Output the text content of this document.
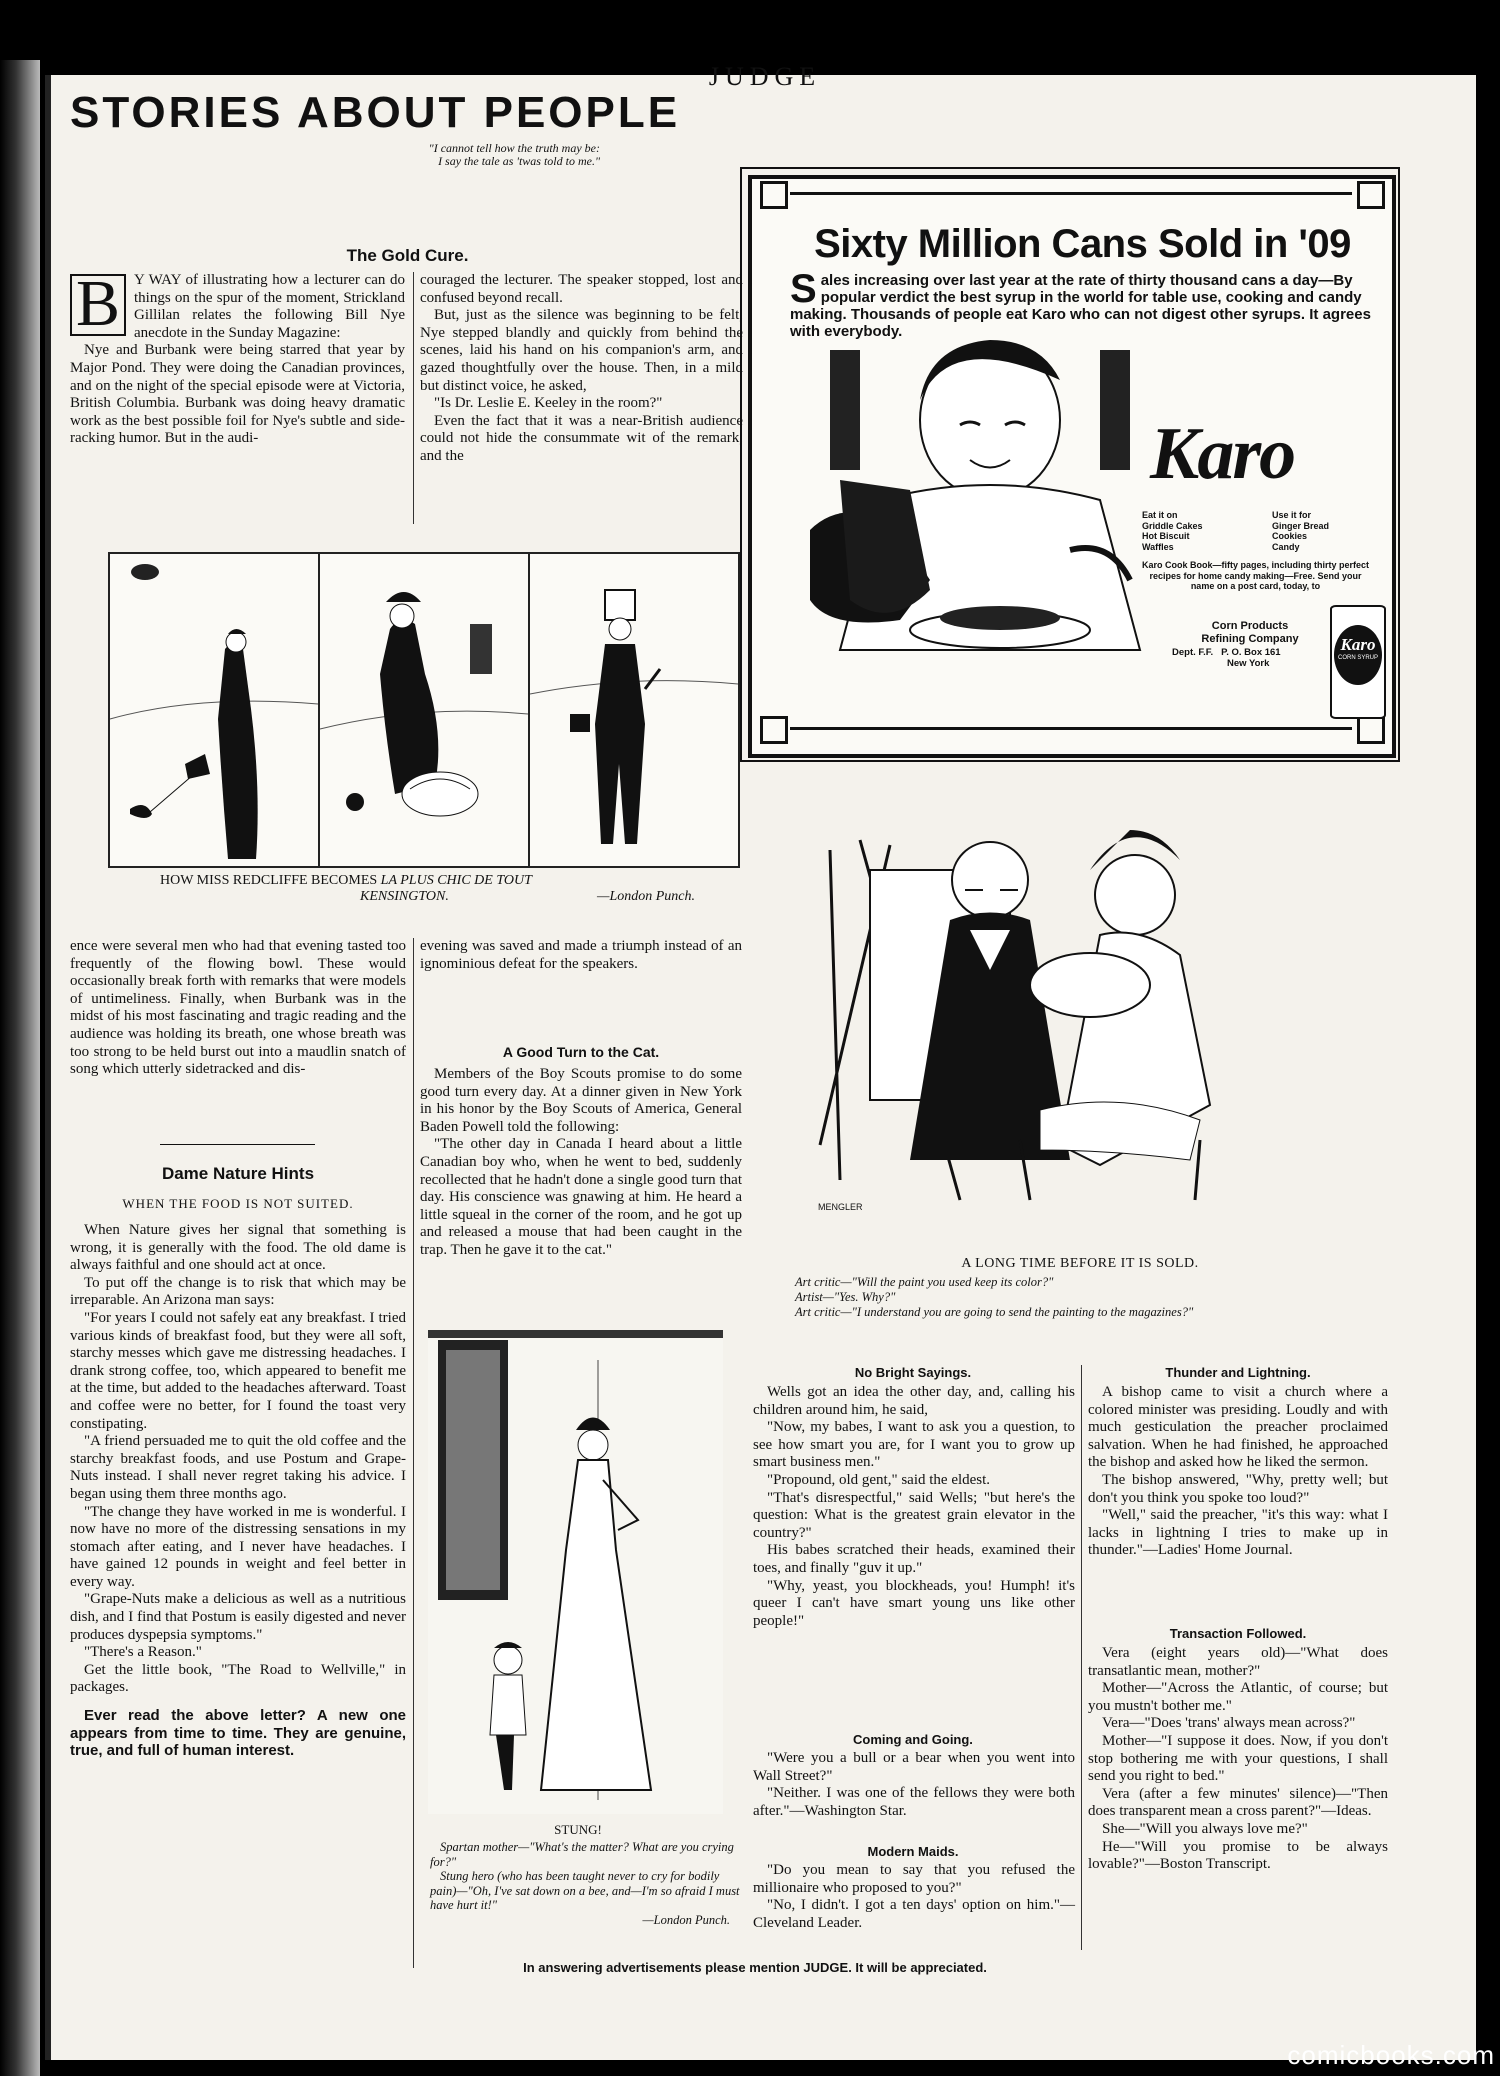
JUDGE
STORIES ABOUT PEOPLE
"I cannot tell how the truth may be:
I say the tale as 'twas told to me."
The Gold Cure.
B Y WAY of illustrating how a lecturer can do things on the spur of the moment, Strickland Gillilan relates the following Bill Nye anecdote in the Sunday Magazine:

Nye and Burbank were being starred that year by Major Pond. They were doing the Canadian provinces, and on the night of the special episode were at Victoria, British Columbia. Burbank was doing heavy dramatic work as the best possible foil for Nye's subtle and side-racking humor. But in the audi-

couraged the lecturer. The speaker stopped, lost and confused beyond recall.

But, just as the silence was beginning to be felt, Nye stepped blandly and quickly from behind the scenes, laid his hand on his companion's arm, and gazed thoughtfully over the house. Then, in a mild but distinct voice, he asked,

"Is Dr. Leslie E. Keeley in the room?"

Even the fact that it was a near-British audience could not hide the consummate wit of the remark, and the

HOW MISS REDCLIFFE BECOMES LA PLUS CHIC DE TOUT
KENSINGTON.	—London Punch.

ence were several men who had that evening tasted too frequently of the flowing bowl. These would occasionally break forth with remarks that were models of untimeliness. Finally, when Burbank was in the midst of his most fascinating and tragic reading and the audience was holding its breath, one whose breath was too strong to be held burst out into a maudlin snatch of song which utterly sidetracked and dis-

evening was saved and made a triumph instead of an ignominious defeat for the speakers.

Dame Nature Hints
WHEN THE FOOD IS NOT SUITED.

When Nature gives her signal that something is wrong, it is generally with the food. The old dame is always faithful and one should act at once.

To put off the change is to risk that which may be irreparable. An Arizona man says:

"For years I could not safely eat any breakfast. I tried various kinds of breakfast food, but they were all soft, starchy messes which gave me distressing headaches. I drank strong coffee, too, which appeared to benefit me at the time, but added to the headaches afterward. Toast and coffee were no better, for I found the toast very constipating.

"A friend persuaded me to quit the old coffee and the starchy breakfast foods, and use Postum and Grape-Nuts instead. I shall never regret taking his advice. I began using them three months ago.

"The change they have worked in me is wonderful. I now have no more of the distressing sensations in my stomach after eating, and I never have headaches. I have gained 12 pounds in weight and feel better in every way.

"Grape-Nuts make a delicious as well as a nutritious dish, and I find that Postum is easily digested and never produces dyspepsia symptoms."

"There's a Reason."

Get the little book, "The Road to Wellville," in packages.

Ever read the above letter? A new one appears from time to time. They are genuine, true, and full of human interest.

A Good Turn to the Cat.

Members of the Boy Scouts promise to do some good turn every day. At a dinner given in New York in his honor by the Boy Scouts of America, General Baden Powell told the following:

"The other day in Canada I heard about a little Canadian boy who, when he went to bed, suddenly recollected that he hadn't done a single good turn that day. His conscience was gnawing at him. He heard a little squeal in the corner of the room, and he got up and released a mouse that had been caught in the trap. Then he gave it to the cat."

STUNG!
Spartan mother—"What's the matter? What are you crying for?"
Stung hero (who has been taught never to cry for bodily pain)—"Oh, I've sat down on a bee, and—I'm so afraid I must have hurt it!"
—London Punch.
Sixty Million Cans Sold in '09
S ales increasing over last year at the rate of thirty thousand cans a day—By popular verdict the best syrup in the world for table use, cooking and candy making. Thousands of people eat Karo who can not digest other syrups. It agrees with everybody.
Karo
Eat it on
Griddle Cakes
Hot Biscuit
Waffles
Use it for
Ginger Bread
Cookies
Candy
Karo Cook Book—fifty pages, including thirty perfect recipes for home candy making—Free. Send your name on a post card, today, to
Corn Products
Refining Company
Dept. F.F. P. O. Box 161
New York
Karo
CORN SYRUP
MENGLER
A LONG TIME BEFORE IT IS SOLD.
Art critic—"Will the paint you used keep its color?"
Artist—"Yes. Why?"
Art critic—"I understand you are going to send the painting to the magazines?"
No Bright Sayings.

Wells got an idea the other day, and, calling his children around him, he said,

"Now, my babes, I want to ask you a question, to see how smart you are, for I want you to grow up smart business men."

"Propound, old gent," said the eldest.

"That's disrespectful," said Wells; "but here's the question: What is the greatest grain elevator in the country?"

His babes scratched their heads, examined their toes, and finally "guv it up."

"Why, yeast, you blockheads, you! Humph! it's queer I can't have smart young uns like other people!"

Coming and Going.

"Were you a bull or a bear when you went into Wall Street?"

"Neither. I was one of the fellows they were both after."—Washington Star.

Modern Maids.

"Do you mean to say that you refused the millionaire who proposed to you?"

"No, I didn't. I got a ten days' option on him."—Cleveland Leader.

Thunder and Lightning.

A bishop came to visit a church where a colored minister was presiding. Loudly and with much gesticulation the preacher proclaimed salvation. When he had finished, he approached the bishop and asked how he liked the sermon.

The bishop answered, "Why, pretty well; but don't you think you spoke too loud?"

"Well," said the preacher, "it's this way: what I lacks in lightning I tries to make up in thunder."—Ladies' Home Journal.

Transaction Followed.

Vera (eight years old)—"What does transatlantic mean, mother?"

Mother—"Across the Atlantic, of course; but you mustn't bother me."

Vera—"Does 'trans' always mean across?"

Mother—"I suppose it does. Now, if you don't stop bothering me with your questions, I shall send you right to bed."

Vera (after a few minutes' silence)—"Then does transparent mean a cross parent?"—Ideas.

She—"Will you always love me?"

He—"Will you promise to be always lovable?"—Boston Transcript.

In answering advertisements please mention JUDGE. It will be appreciated.
comicbooks.com
